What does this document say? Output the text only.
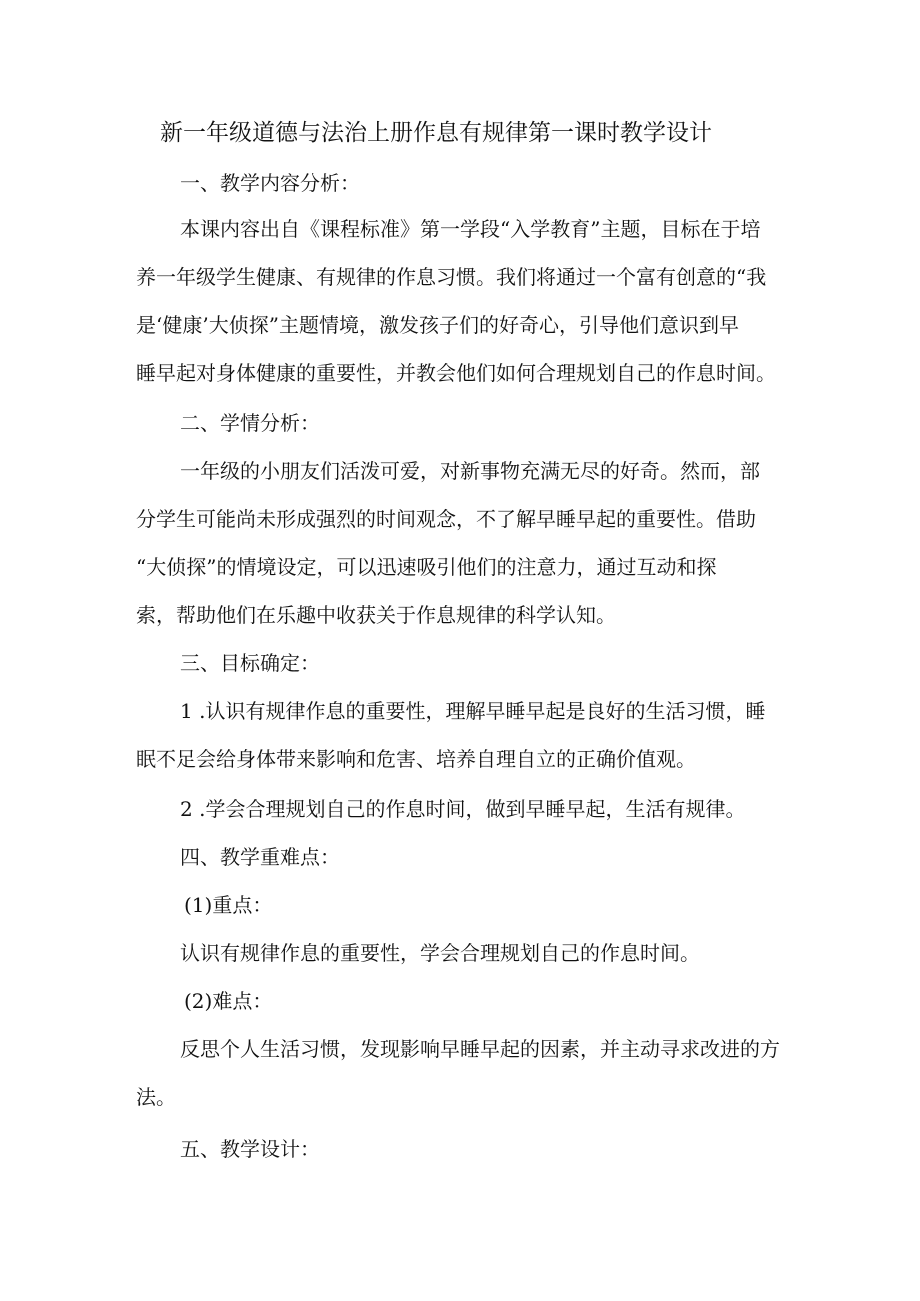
新一年级道德与法治上册作息有规律第一课时教学设计
一、教学内容分析：
本课内容出自《课程标准》第一学段“入学教育”主题，目标在于培
养一年级学生健康、有规律的作息习惯。我们将通过一个富有创意的“我
是‘健康’大侦探”主题情境，激发孩子们的好奇心，引导他们意识到早
睡早起对身体健康的重要性，并教会他们如何合理规划自己的作息时间。
二、学情分析：
一年级的小朋友们活泼可爱，对新事物充满无尽的好奇。然而，部
分学生可能尚未形成强烈的时间观念，不了解早睡早起的重要性。借助
“大侦探”的情境设定，可以迅速吸引他们的注意力，通过互动和探
索，帮助他们在乐趣中收获关于作息规律的科学认知。
三、目标确定：
1 .认识有规律作息的重要性，理解早睡早起是良好的生活习惯，睡
眠不足会给身体带来影响和危害、培养自理自立的正确价值观。
2 .学会合理规划自己的作息时间，做到早睡早起，生活有规律。
四、教学重难点：
(1)重点：
认识有规律作息的重要性，学会合理规划自己的作息时间。
(2)难点：
反思个人生活习惯，发现影响早睡早起的因素，并主动寻求改进的方
法。
五、教学设计：
